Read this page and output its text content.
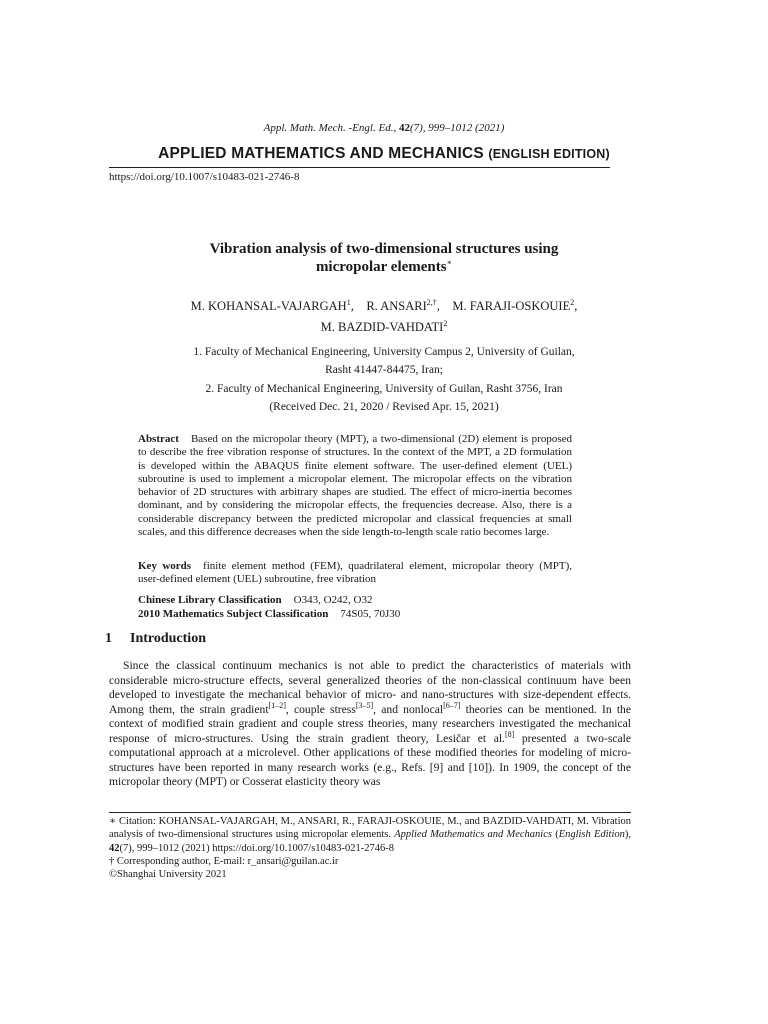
Appl. Math. Mech. -Engl. Ed., 42(7), 999–1012 (2021)
APPLIED MATHEMATICS AND MECHANICS (ENGLISH EDITION)
https://doi.org/10.1007/s10483-021-2746-8
Vibration analysis of two-dimensional structures using
micropolar elements∗
M. KOHANSAL-VAJARGAH$^1$, R. $ANSARI^{2,\dagger}$, M. FARAJI-OSKOUIE$^2$,
M. BAZDID-VAHDATI$^2$
1. Faculty of Mechanical Engineering, University Campus 2, University of Guilan,
Rasht 41447-84475, Iran;
2. Faculty of Mechanical Engineering, University of Guilan, Rasht 3756, Iran
(Received Dec. 21, 2020 / Revised Apr. 15, 2021)
Abstract Based on the micropolar theory (MPT), a two-dimensional (2D) element is proposed to describe the free vibration response of structures. In the context of the MPT, a 2D formulation is developed within the ABAQUS finite element software. The user-defined element (UEL) subroutine is used to implement a micropolar element. The micropolar effects on the vibration behavior of 2D structures with arbitrary shapes are studied. The effect of micro-inertia becomes dominant, and by considering the micropolar effects, the frequencies decrease. Also, there is a considerable discrepancy between the predicted micropolar and classical frequencies at small scales, and this difference decreases when the side length-to-length scale ratio becomes large.
Key words finite element method (FEM), quadrilateral element, micropolar theory (MPT), user-defined element (UEL) subroutine, free vibration
Chinese Library Classification O343, O242, O32
2010 Mathematics Subject Classification 74S05, 70J30
1 Introduction
Since the classical continuum mechanics is not able to predict the characteristics of materials with considerable micro-structure effects, several generalized theories of the non-classical continuum have been developed to investigate the mechanical behavior of micro- and nano-structures with size-dependent effects. Among them, the strain gradient[1–2], couple stress[3–5], and nonlocal[6–7] theories can be mentioned. In the context of modified strain gradient and couple stress theories, many researchers investigated the mechanical response of micro-structures. Using the strain gradient theory, Lesičar et al.[8] presented a two-scale computational approach at a microlevel. Other applications of these modified theories for modeling of micro-structures have been reported in many research works (e.g., Refs. [9] and [10]). In 1909, the concept of the micropolar theory (MPT) or Cosserat elasticity theory was
∗ Citation: KOHANSAL-VAJARGAH, M., ANSARI, R., FARAJI-OSKOUIE, M., and BAZDID-VAHDATI, M. Vibration analysis of two-dimensional structures using micropolar elements. Applied Mathematics and Mechanics (English Edition), 42(7), 999–1012 (2021) https://doi.org/10.1007/s10483-021-2746-8
† Corresponding author, E-mail: r_ansari@guilan.ac.ir
©Shanghai University 2021
